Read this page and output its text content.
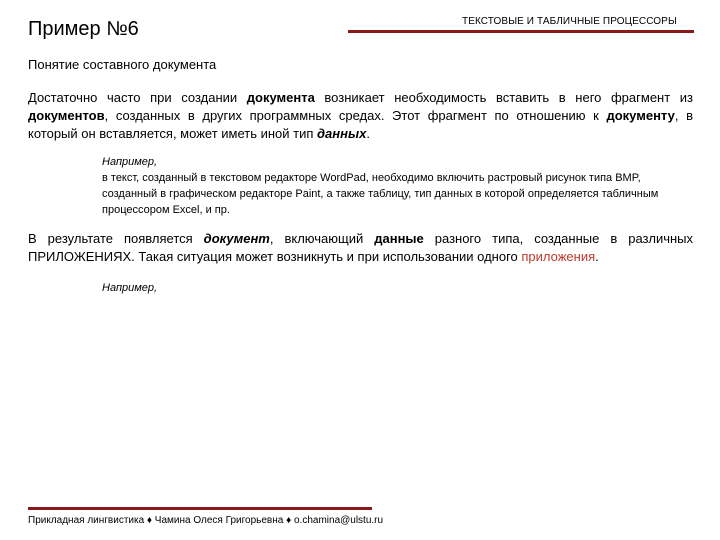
Пример №6	ТЕКСТОВЫЕ И ТАБЛИЧНЫЕ ПРОЦЕССОРЫ
Понятие составного документа

Достаточно часто при создании документа возникает необходимость вставить в него фрагмент из документов, созданных в других программных средах. Этот фрагмент по отношению к документу, в который он вставляется, может иметь иной тип данных.

Например,
в текст, созданный в текстовом редакторе WordPad, необходимо включить растровый рисунок типа BMP, созданный в графическом редакторе Paint, а также таблицу, тип данных в которой определяется табличным процессором Excel, и пр.

В результате появляется документ, включающий данные разного типа, созданные в различных ПРИЛОЖЕНИЯХ. Такая ситуация может возникнуть и при использовании одного приложения.

Например,
Прикладная лингвистика ♦ Чамина Олеся Григорьевна ♦ o.chamina@ulstu.ru
